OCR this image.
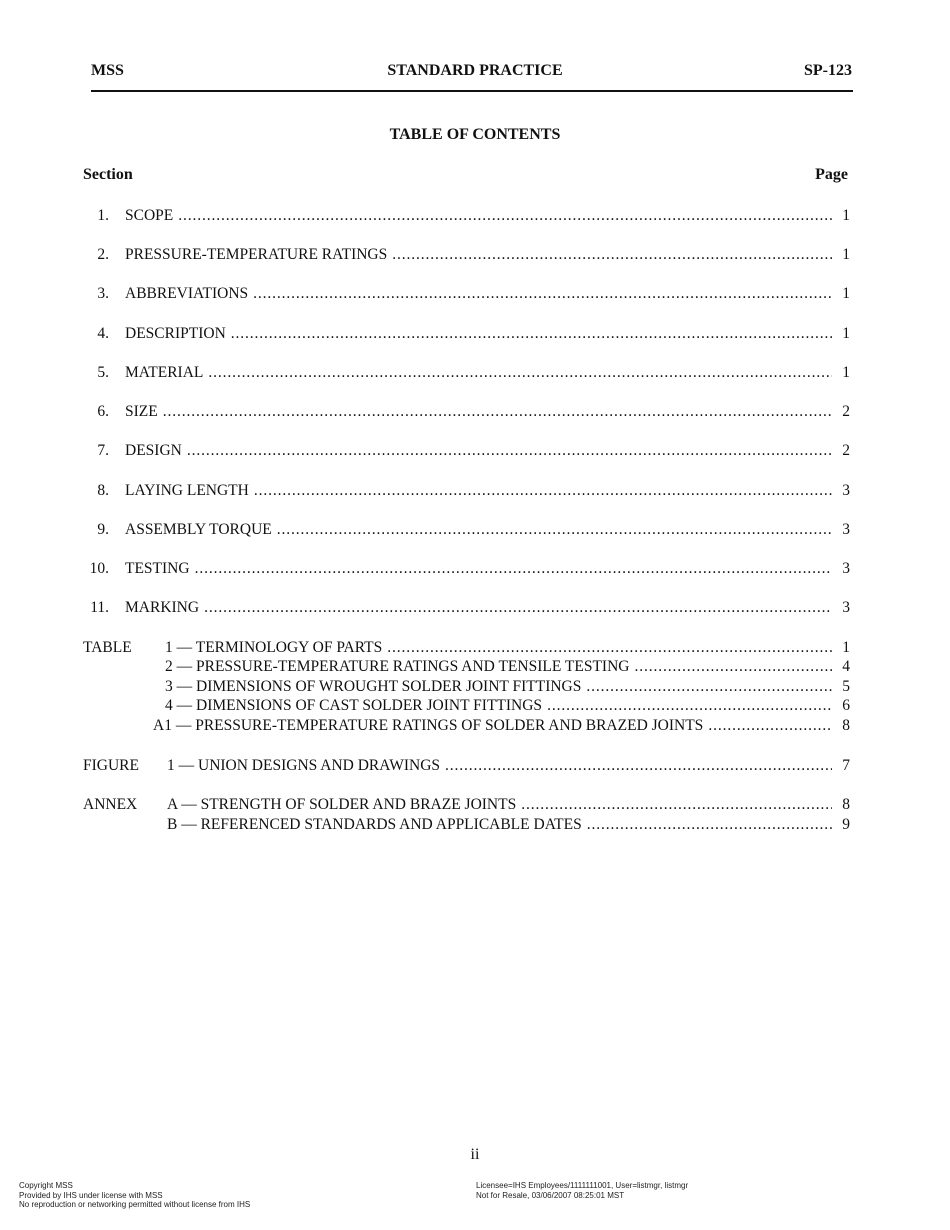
MSS	STANDARD PRACTICE	SP-123
TABLE OF CONTENTS
Section	Page
1. SCOPE . . .	1
2. PRESSURE-TEMPERATURE RATINGS . . .	1
3. ABBREVIATIONS . . .	1
4. DESCRIPTION . . .	1
5. MATERIAL . . .	1
6. SIZE . . .	2
7. DESIGN . . .	2
8. LAYING LENGTH . . .	3
9. ASSEMBLY TORQUE . . .	3
10. TESTING . . .	3
11. MARKING . . .	3
TABLE 1 — TERMINOLOGY OF PARTS . . .	1
2 — PRESSURE-TEMPERATURE RATINGS AND TENSILE TESTING . . .	4
3 — DIMENSIONS OF WROUGHT SOLDER JOINT FITTINGS . . .	5
4 — DIMENSIONS OF CAST SOLDER JOINT FITTINGS . . .	6
A1 — PRESSURE-TEMPERATURE RATINGS OF SOLDER AND BRAZED JOINTS . . .	8
FIGURE 1 — UNION DESIGNS AND DRAWINGS . . .	7
ANNEX A — STRENGTH OF SOLDER AND BRAZE JOINTS . . .	8
B — REFERENCED STANDARDS AND APPLICABLE DATES . . .	9
ii
Copyright MSS
Provided by IHS under license with MSS
No reproduction or networking permitted without license from IHS
Licensee=IHS Employees/1111111001, User=listmgr, listmgr
Not for Resale, 03/06/2007 08:25:01 MST
